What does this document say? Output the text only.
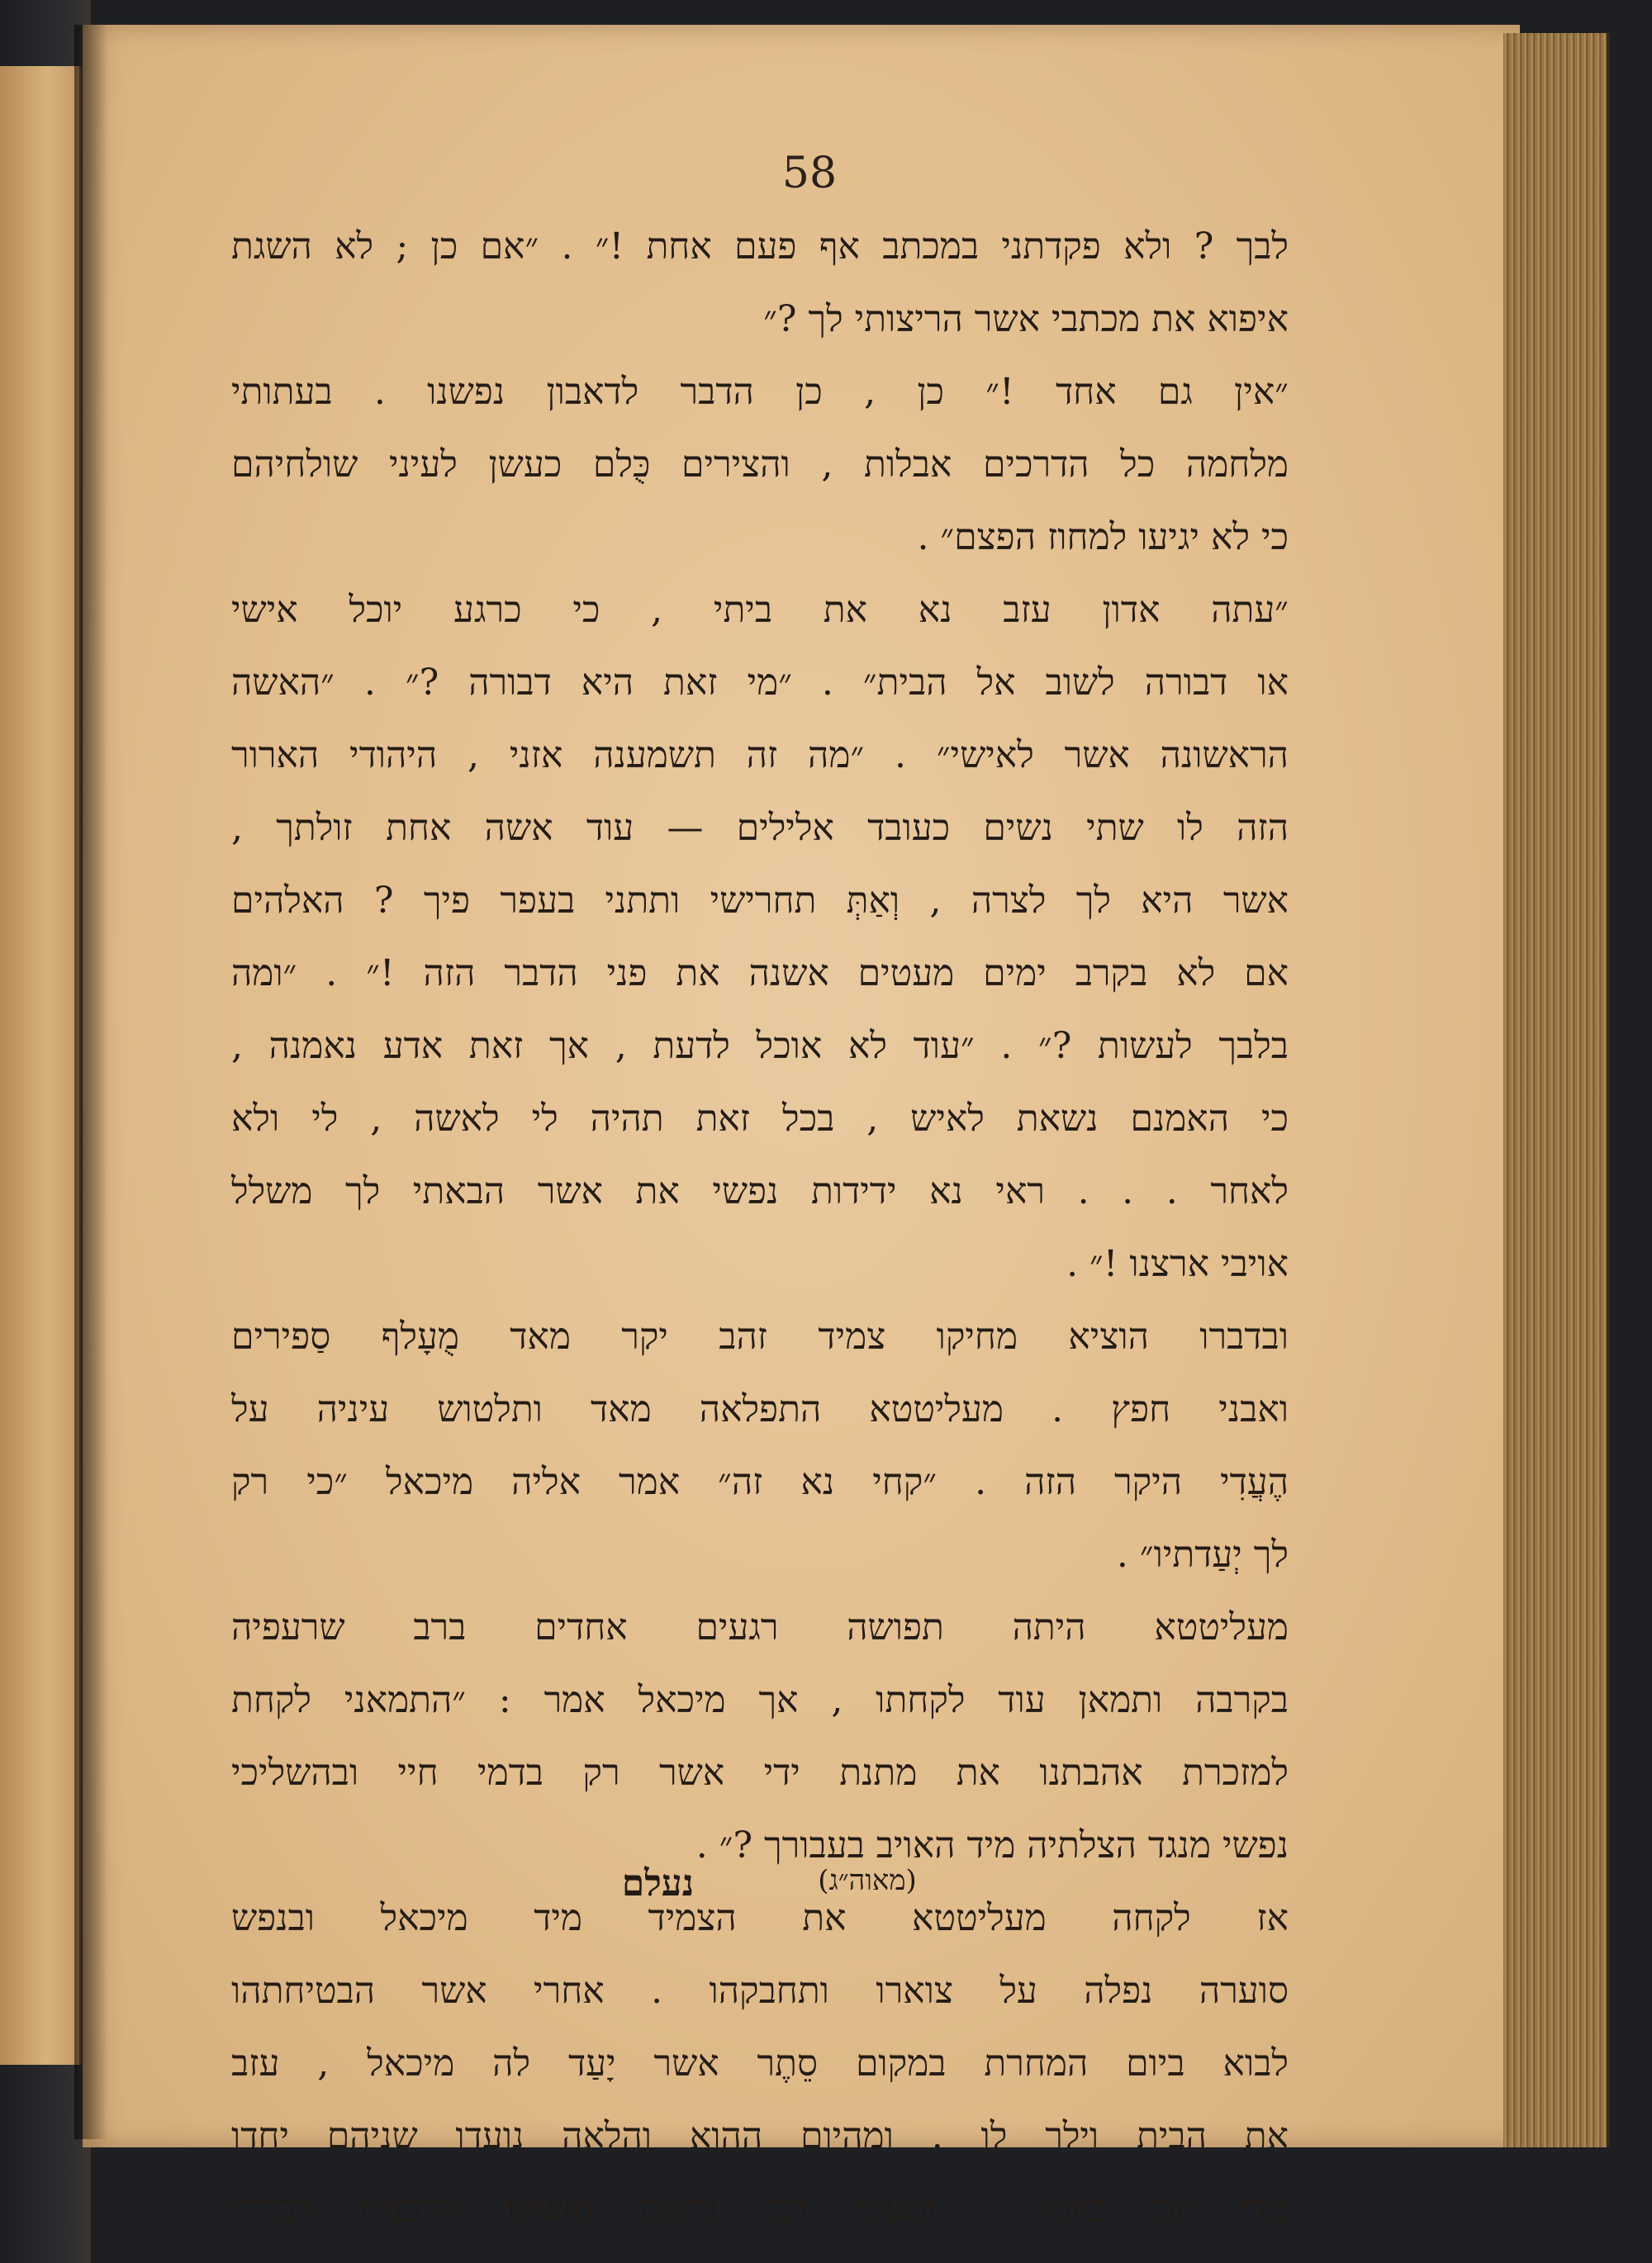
58
לבך ? ולא פקדתני במכתב אף פעם אחת !״ . ״אם כן ; לא השגת
איפוא את מכתבי אשר הריצותי לך ?״
״אין גם אחד !״ כן , כן הדבר לדאבון נפשנו . בעתותי
מלחמה כל הדרכים אבלות , והצירים כֻּלם כעשן לעיני שולחיהם
כי לא יגיעו למחוז הפצם״ .
״עתה אדון עזב נא את ביתי , כי כרגע יוכל אישי
או דבורה לשוב אל הבית״ . ״מי זאת היא דבורה ?״ . ״האשה
הראשונה אשר לאישי״ . ״מה זה תשמענה אזני , היהודי הארור
הזה לו שתי נשים כעובד אלילים — עוד אשה אחת זולתך ,
אשר היא לך לצרה , וְאַתְּ תחרישי ותתני בעפר פיך ? האלהים
אם לא בקרב ימים מעטים אשנה את פני הדבר הזה !״ . ״ומה
בלבך לעשות ?״ . ״עוד לא אוכל לדעת , אך זאת אדע נאמנה ,
כי האמנם נשאת לאיש , בכל זאת תהיה לי לאשה , לי ולא
לאחר . . . ראי נא ידידות נפשי את אשר הבאתי לך משלל
אויבי ארצנו !״ .
ובדברו הוציא מחיקו צמיד זהב יקר מאד מֻעָלף סַפירים
ואבני חפץ . מעליטטא התפלאה מאד ותלטוש עיניה על
הֶעֲדִי היקר הזה . ״קחי נא זה״ אמר אליה מיכאל ״כי רק
לך יְעַדתיו״ .
מעליטטא היתה תפושה רגעים אחדים ברב שרעפיה
בקרבה ותמאן עוד לקחתו , אך מיכאל אמר : ״התמאני לקחת
למזכרת אהבתנו את מתנת ידי אשר רק בדמי חיי ובהשליכי
נפשי מנגד הצלתיה מיד האויב בעבורך ?״ .
אז לקחה מעליטטא את הצמיד מיד מיכאל ובנפש
סוערה נפלה על צוארו ותחבקהו . אחרי אשר הבטיחתהו
לבוא ביום המחרת במקום סֵתֶר אשר יָעַד לה מיכאל , עזב
את הבית וילך לו . ומהיום ההוא והלאה נועדו שניהם יחדו
מדי יום ביומו . ומעיני רבי גרשם ואשתו הרבנית דבורה
נעלם	(מאוה״ג)
